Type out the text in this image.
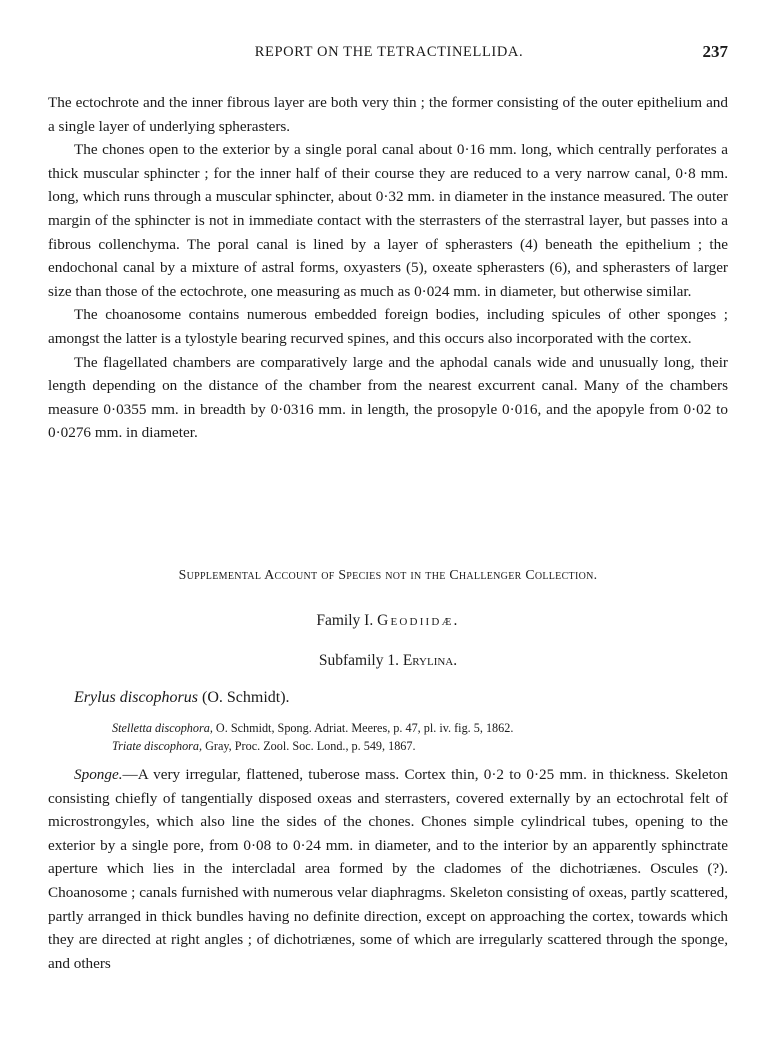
REPORT ON THE TETRACTINELLIDA.	237

The ectochrote and the inner fibrous layer are both very thin ; the former consisting of the outer epithelium and a single layer of underlying spherasters.

The chones open to the exterior by a single poral canal about 0·16 mm. long, which centrally perforates a thick muscular sphincter ; for the inner half of their course they are reduced to a very narrow canal, 0·8 mm. long, which runs through a muscular sphincter, about 0·32 mm. in diameter in the instance measured. The outer margin of the sphincter is not in immediate contact with the sterrasters of the sterrastral layer, but passes into a fibrous collenchyma. The poral canal is lined by a layer of spherasters (4) beneath the epithelium ; the endochonal canal by a mixture of astral forms, oxyasters (5), oxeate spherasters (6), and spherasters of larger size than those of the ectochrote, one measuring as much as 0·024 mm. in diameter, but otherwise similar.

The choanosome contains numerous embedded foreign bodies, including spicules of other sponges ; amongst the latter is a tylostyle bearing recurved spines, and this occurs also incorporated with the cortex.

The flagellated chambers are comparatively large and the aphodal canals wide and unusually long, their length depending on the distance of the chamber from the nearest excurrent canal. Many of the chambers measure 0·0355 mm. in breadth by 0·0316 mm. in length, the prosopyle 0·016, and the apopyle from 0·02 to 0·0276 mm. in diameter.

Supplemental Account of Species not in the Challenger Collection.
Family I. Geodiidæ.
Subfamily 1. Erylina.
Erylus discophorus (O. Schmidt).
Stelletta discophora, O. Schmidt, Spong. Adriat. Meeres, p. 47, pl. iv. fig. 5, 1862.
Triate discophora, Gray, Proc. Zool. Soc. Lond., p. 549, 1867.

Sponge.—A very irregular, flattened, tuberose mass. Cortex thin, 0·2 to 0·25 mm. in thickness. Skeleton consisting chiefly of tangentially disposed oxeas and sterrasters, covered externally by an ectochrotal felt of microstrongyles, which also line the sides of the chones. Chones simple cylindrical tubes, opening to the exterior by a single pore, from 0·08 to 0·24 mm. in diameter, and to the interior by an apparently sphinctrate aperture which lies in the intercladal area formed by the cladomes of the dichotriænes. Oscules (?). Choanosome ; canals furnished with numerous velar diaphragms. Skeleton consisting of oxeas, partly scattered, partly arranged in thick bundles having no definite direction, except on approaching the cortex, towards which they are directed at right angles ; of dichotriænes, some of which are irregularly scattered through the sponge, and others
